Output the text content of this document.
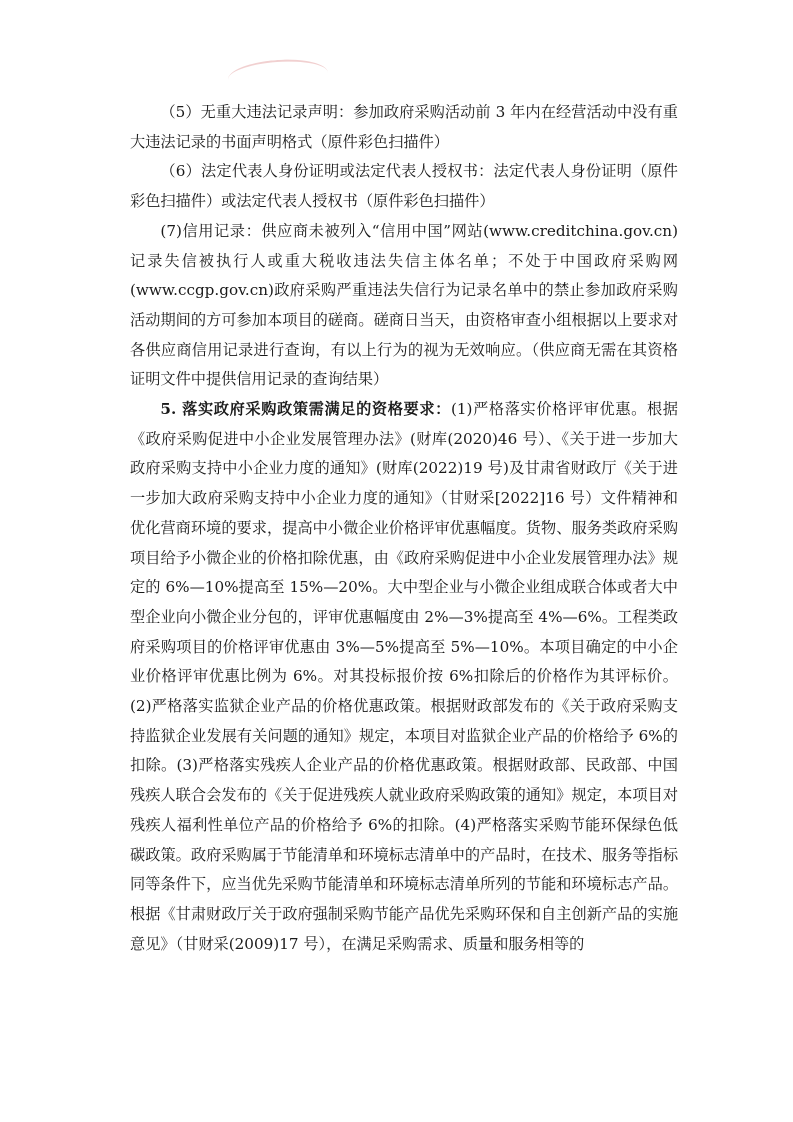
（5）无重大违法记录声明：参加政府采购活动前 3 年内在经营活动中没有重大违法记录的书面声明格式（原件彩色扫描件）

（6）法定代表人身份证明或法定代表人授权书：法定代表人身份证明（原件彩色扫描件）或法定代表人授权书（原件彩色扫描件）

(7)信用记录：供应商未被列入“信用中国”网站(www.creditchina.gov.cn)记录失信被执行人或重大税收违法失信主体名单；不处于中国政府采购网(www.ccgp.gov.cn)政府采购严重违法失信行为记录名单中的禁止参加政府采购活动期间的方可参加本项目的磋商。磋商日当天，由资格审查小组根据以上要求对各供应商信用记录进行查询，有以上行为的视为无效响应。（供应商无需在其资格证明文件中提供信用记录的查询结果）

5. 落实政府采购政策需满足的资格要求：(1)严格落实价格评审优惠。根据《政府采购促进中小企业发展管理办法》(财库(2020)46 号）、《关于进一步加大政府采购支持中小企业力度的通知》(财库(2022)19 号)及甘肃省财政厅《关于进一步加大政府采购支持中小企业力度的通知》（甘财采[2022]16 号）文件精神和优化营商环境的要求，提高中小微企业价格评审优惠幅度。货物、服务类政府采购项目给予小微企业的价格扣除优惠，由《政府采购促进中小企业发展管理办法》规定的 6%—10%提高至 15%—20%。大中型企业与小微企业组成联合体或者大中型企业向小微企业分包的，评审优惠幅度由 2%—3%提高至 4%—6%。工程类政府采购项目的价格评审优惠由 3%—5%提高至 5%—10%。本项目确定的中小企业价格评审优惠比例为 6%。对其投标报价按 6%扣除后的价格作为其评标价。(2)严格落实监狱企业产品的价格优惠政策。根据财政部发布的《关于政府采购支持监狱企业发展有关问题的通知》规定，本项目对监狱企业产品的价格给予 6%的扣除。(3)严格落实残疾人企业产品的价格优惠政策。根据财政部、民政部、中国残疾人联合会发布的《关于促进残疾人就业政府采购政策的通知》规定，本项目对残疾人福利性单位产品的价格给予 6%的扣除。(4)严格落实采购节能环保绿色低碳政策。政府采购属于节能清单和环境标志清单中的产品时，在技术、服务等指标同等条件下，应当优先采购节能清单和环境标志清单所列的节能和环境标志产品。根据《甘肃财政厅关于政府强制采购节能产品优先采购环保和自主创新产品的实施意见》（甘财采(2009)17 号），在满足采购需求、质量和服务相等的
